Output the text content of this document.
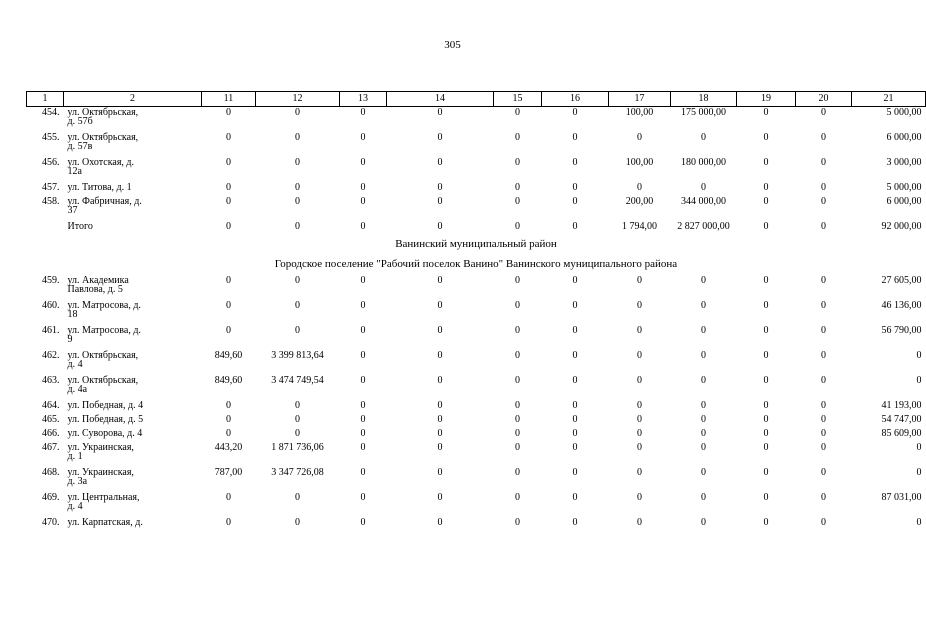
305
1	2	11	12	13	14	15	16	17	18	19	20	21
454.	ул. Октябрьская,
д. 57б	0	0	0	0	0	0	100,00	175 000,00	0	0	5 000,00
455.	ул. Октябрьская,
д. 57в	0	0	0	0	0	0	0	0	0	0	6 000,00
456.	ул. Охотская, д.
12а	0	0	0	0	0	0	100,00	180 000,00	0	0	3 000,00
457.	ул. Титова, д. 1	0	0	0	0	0	0	0	0	0	0	5 000,00
458.	ул. Фабричная, д.
37	0	0	0	0	0	0	200,00	344 000,00	0	0	6 000,00

	Итого	0	0	0	0	0	0	1 794,00	2 827 000,00	0	0	92 000,00
Ванинский муниципальный район												
Городское поселение "Рабочий поселок Ванино" Ванинского муниципального района												
459.	ул. Академика
Павлова, д. 5	0	0	0	0	0	0	0	0	0	0	27 605,00
460.	ул. Матросова, д.
18	0	0	0	0	0	0	0	0	0	0	46 136,00
461.	ул. Матросова, д.
9	0	0	0	0	0	0	0	0	0	0	56 790,00
462.	ул. Октябрьская,
д. 4	849,60	3 399 813,64	0	0	0	0	0	0	0	0	0
463.	ул. Октябрьская,
д. 4а	849,60	3 474 749,54	0	0	0	0	0	0	0	0	0
464.	ул. Победная, д. 4	0	0	0	0	0	0	0	0	0	0	41 193,00
465.	ул. Победная, д. 5	0	0	0	0	0	0	0	0	0	0	54 747,00
466.	ул. Суворова, д. 4	0	0	0	0	0	0	0	0	0	0	85 609,00
467.	ул. Украинская,
д. 1	443,20	1 871 736,06	0	0	0	0	0	0	0	0	0
468.	ул. Украинская,
д. 3а	787,00	3 347 726,08	0	0	0	0	0	0	0	0	0
469.	ул. Центральная,
д. 4	0	0	0	0	0	0	0	0	0	0	87 031,00
470.	ул. Карпатская, д.	0	0	0	0	0	0	0	0	0	0	0
